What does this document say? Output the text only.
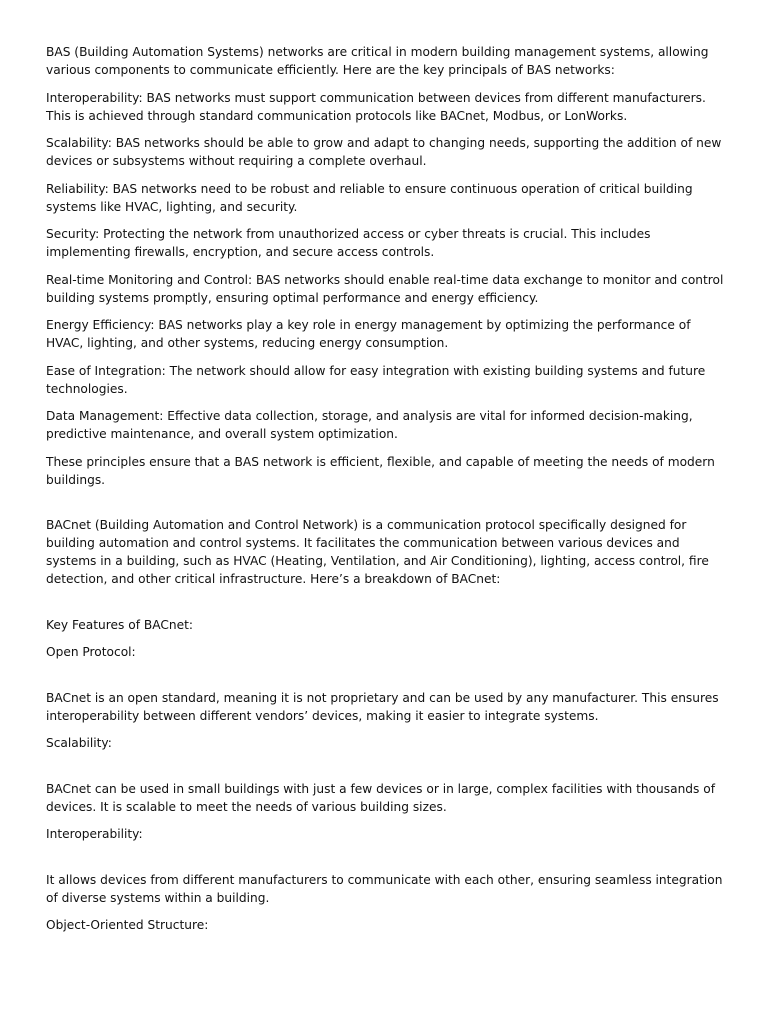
BAS (Building Automation Systems) networks are critical in modern building management systems, allowing various components to communicate efficiently. Here are the key principals of BAS networks:

Interoperability: BAS networks must support communication between devices from different manufacturers. This is achieved through standard communication protocols like BACnet, Modbus, or LonWorks.

Scalability: BAS networks should be able to grow and adapt to changing needs, supporting the addition of new devices or subsystems without requiring a complete overhaul.

Reliability: BAS networks need to be robust and reliable to ensure continuous operation of critical building systems like HVAC, lighting, and security.

Security: Protecting the network from unauthorized access or cyber threats is crucial. This includes implementing firewalls, encryption, and secure access controls.

Real-time Monitoring and Control: BAS networks should enable real-time data exchange to monitor and control building systems promptly, ensuring optimal performance and energy efficiency.

Energy Efficiency: BAS networks play a key role in energy management by optimizing the performance of HVAC, lighting, and other systems, reducing energy consumption.

Ease of Integration: The network should allow for easy integration with existing building systems and future technologies.

Data Management: Effective data collection, storage, and analysis are vital for informed decision-making, predictive maintenance, and overall system optimization.

These principles ensure that a BAS network is efficient, flexible, and capable of meeting the needs of modern buildings.

BACnet (Building Automation and Control Network) is a communication protocol specifically designed for building automation and control systems. It facilitates the communication between various devices and systems in a building, such as HVAC (Heating, Ventilation, and Air Conditioning), lighting, access control, fire detection, and other critical infrastructure. Here’s a breakdown of BACnet:

Key Features of BACnet:

Open Protocol:

BACnet is an open standard, meaning it is not proprietary and can be used by any manufacturer. This ensures interoperability between different vendors’ devices, making it easier to integrate systems.

Scalability:

BACnet can be used in small buildings with just a few devices or in large, complex facilities with thousands of devices. It is scalable to meet the needs of various building sizes.

Interoperability:

It allows devices from different manufacturers to communicate with each other, ensuring seamless integration of diverse systems within a building.

Object-Oriented Structure:
